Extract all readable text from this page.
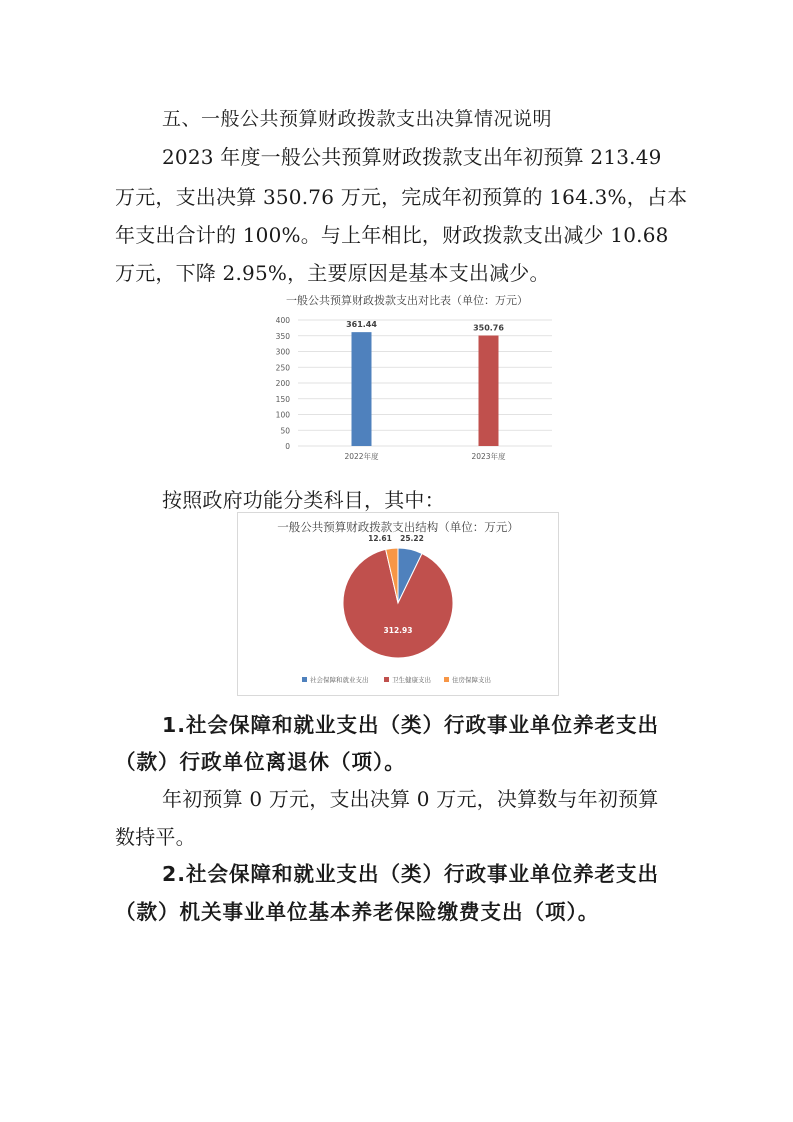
五、一般公共预算财政拨款支出决算情况说明
2023 年度一般公共预算财政拨款支出年初预算 213.49
万元，支出决算 350.76 万元，完成年初预算的 164.3%，占本
年支出合计的 100%。与上年相比，财政拨款支出减少 10.68
万元，下降 2.95%，主要原因是基本支出减少。
一般公共预算财政拨款支出对比表（单位：万元）
0
50
100
150
200
250
300
350
400
2022年度	2023年度
361.44	350.76
按照政府功能分类科目，其中：
一般公共预算财政拨款支出结构（单位：万元）
25.22
312.93
12.61
社会保障和就业支出	卫生健康支出	住房保障支出
1.社会保障和就业支出（类）行政事业单位养老支出
（款）行政单位离退休（项）。
年初预算 0 万元，支出决算 0 万元，决算数与年初预算
数持平。
2.社会保障和就业支出（类）行政事业单位养老支出
（款）机关事业单位基本养老保险缴费支出（项）。
